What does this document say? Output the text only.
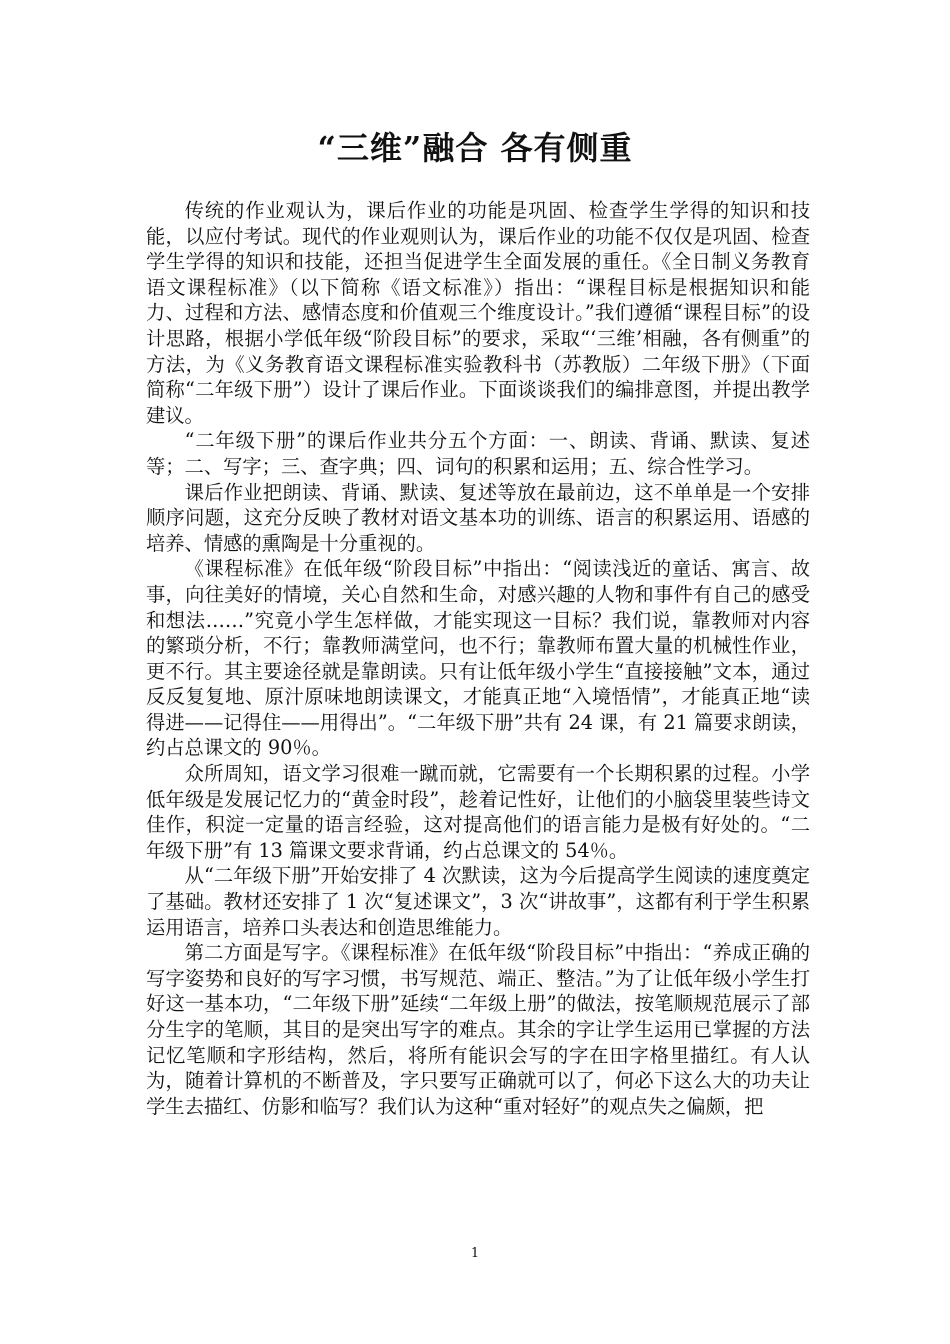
“三维”融合 各有侧重

传统的作业观认为，课后作业的功能是巩固、检查学生学得的知识和技能，以应付考试。现代的作业观则认为，课后作业的功能不仅仅是巩固、检查学生学得的知识和技能，还担当促进学生全面发展的重任。《全日制义务教育语文课程标准》（以下简称《语文标准》）指出：“课程目标是根据知识和能力、过程和方法、感情态度和价值观三个维度设计。”我们遵循“课程目标”的设计思路，根据小学低年级“阶段目标”的要求，采取“‘三维’相融，各有侧重”的方法，为《义务教育语文课程标准实验教科书（苏教版）二年级下册》（下面简称“二年级下册”）设计了课后作业。下面谈谈我们的编排意图，并提出教学建议。

“二年级下册”的课后作业共分五个方面：一、朗读、背诵、默读、复述等；二、写字；三、查字典；四、词句的积累和运用；五、综合性学习。

课后作业把朗读、背诵、默读、复述等放在最前边，这不单单是一个安排顺序问题，这充分反映了教材对语文基本功的训练、语言的积累运用、语感的培养、情感的熏陶是十分重视的。

《课程标准》在低年级“阶段目标”中指出：“阅读浅近的童话、寓言、故事，向往美好的情境，关心自然和生命，对感兴趣的人物和事件有自己的感受和想法……”究竟小学生怎样做，才能实现这一目标？我们说，靠教师对内容的繁琐分析，不行；靠教师满堂问，也不行；靠教师布置大量的机械性作业，更不行。其主要途径就是靠朗读。只有让低年级小学生“直接接触”文本，通过反反复复地、原汁原味地朗读课文，才能真正地“入境悟情”，才能真正地“读得进——记得住——用得出”。“二年级下册”共有 24 课，有 21 篇要求朗读，约占总课文的 90％。

众所周知，语文学习很难一蹴而就，它需要有一个长期积累的过程。小学低年级是发展记忆力的“黄金时段”，趁着记性好，让他们的小脑袋里装些诗文佳作，积淀一定量的语言经验，这对提高他们的语言能力是极有好处的。“二年级下册”有 13 篇课文要求背诵，约占总课文的 54％。

从“二年级下册”开始安排了 4 次默读，这为今后提高学生阅读的速度奠定了基础。教材还安排了 1 次“复述课文”，3 次“讲故事”，这都有利于学生积累运用语言，培养口头表达和创造思维能力。

第二方面是写字。《课程标准》在低年级“阶段目标”中指出：“养成正确的写字姿势和良好的写字习惯，书写规范、端正、整洁。”为了让低年级小学生打好这一基本功，“二年级下册”延续“二年级上册”的做法，按笔顺规范展示了部分生字的笔顺，其目的是突出写字的难点。其余的字让学生运用已掌握的方法记忆笔顺和字形结构，然后，将所有能识会写的字在田字格里描红。有人认为，随着计算机的不断普及，字只要写正确就可以了，何必下这么大的功夫让学生去描红、仿影和临写？我们认为这种“重对轻好”的观点失之偏颇，把

1
